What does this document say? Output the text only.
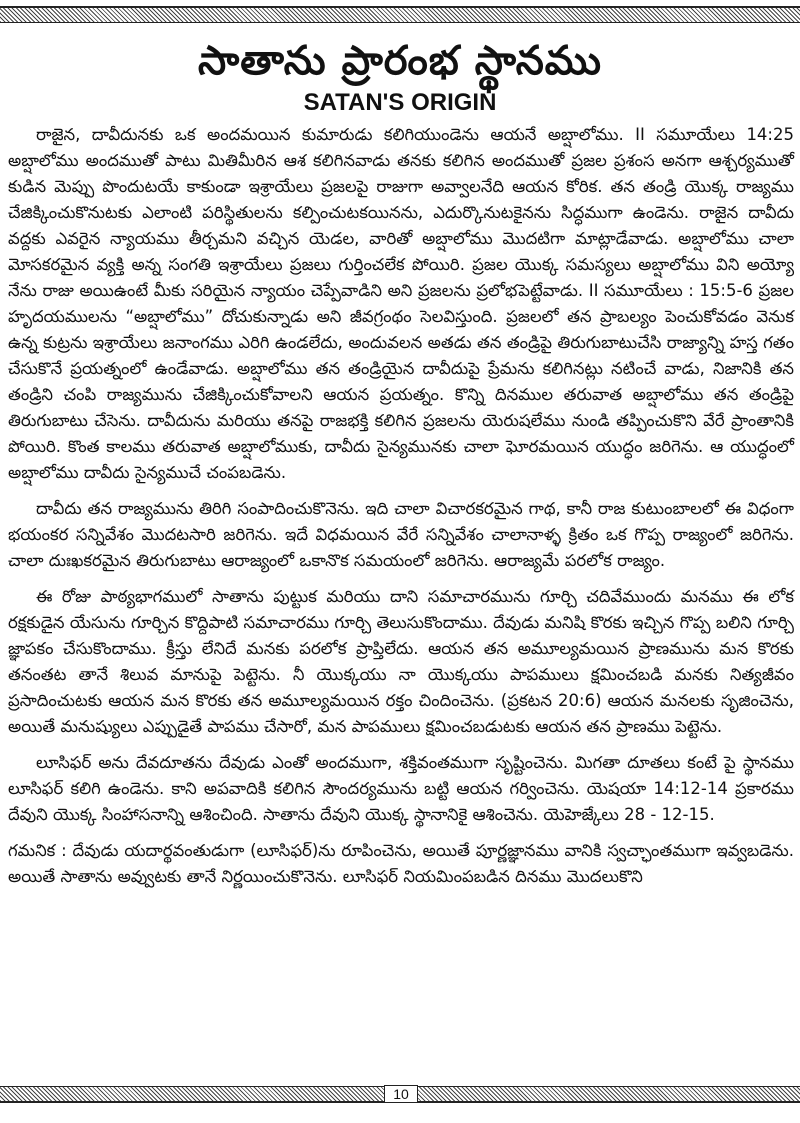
సాతాను ప్రారంభ స్థానము
SATAN'S ORIGIN

రాజైన, దావీదునకు ఒక అందమయిన కుమారుడు కలిగియుండెను ఆయనే అబ్షాలోము. II సమూయేలు 14:25 అబ్షాలోము అందముతో పాటు మితిమీరిన ఆశ కలిగినవాడు తనకు కలిగిన అందముతో ప్రజల ప్రశంస అనగా ఆశ్చర్యముతో కుడిన మెప్పు పొందుటయే కాకుండా ఇశ్రాయేలు ప్రజలపై రాజుగా అవ్వాలనేది ఆయన కోరిక. తన తండ్రి యొక్క రాజ్యము చేజిక్కించుకొనుటకు ఎలాంటి పరిస్థితులను కల్పించుటకయినను, ఎదుర్కొనుటకైనను సిద్ధముగా ఉండెను. రాజైన దావీదు వద్దకు ఎవరైన న్యాయము తీర్చమని వచ్చిన యెడల, వారితో అబ్షాలోము మొదటిగా మాట్లాడేవాడు. అబ్షాలోము చాలా మోసకరమైన వ్యక్తి అన్న సంగతి ఇశ్రాయేలు ప్రజలు గుర్తించలేక పోయిరి. ప్రజల యొక్క సమస్యలు అబ్షాలోము విని అయ్యో నేను రాజు అయిఉంటే మీకు సరియైన న్యాయం చెప్పేవాడిని అని ప్రజలను ప్రలోభపెట్టేవాడు. II సమూయేలు : 15:5-6 ప్రజల హృదయములను “అబ్షాలోము” దోచుకున్నాడు అని జీవగ్రంథం సెలవిస్తుంది. ప్రజలలో తన ప్రాబల్యం పెంచుకోవడం వెనుక ఉన్న కుట్రను ఇశ్రాయేలు జనాంగము ఎరిగి ఉండలేదు, అందువలన అతడు తన తండ్రిపై తిరుగుబాటుచేసి రాజ్యాన్ని హస్త గతం చేసుకొనే ప్రయత్నంలో ఉండేవాడు. అబ్షాలోము తన తండ్రియైన దావీదుపై ప్రేమను కలిగినట్లు నటించే వాడు, నిజానికి తన తండ్రిని చంపి రాజ్యమును చేజిక్కించుకోవాలని ఆయన ప్రయత్నం. కొన్ని దినముల తరువాత అబ్షాలోము తన తండ్రిపై తిరుగుబాటు చేసెను. దావీదును మరియు తనపై రాజభక్తి కలిగిన ప్రజలను యెరుషలేము నుండి తప్పించుకొని వేరే ప్రాంతానికి పోయిరి. కొంత కాలము తరువాత అబ్షాలోముకు, దావీదు సైన్యమునకు చాలా ఘోరమయిన యుద్ధం జరిగెను. ఆ యుద్ధంలో అబ్షాలోము దావీదు సైన్యముచే చంపబడెను.

దావీదు తన రాజ్యమును తిరిగి సంపాదించుకొనెను. ఇది చాలా విచారకరమైన గాథ, కానీ రాజ కుటుంబాలలో ఈ విధంగా భయంకర సన్నివేశం మొదటసారి జరిగెను. ఇదే విధమయిన వేరే సన్నివేశం చాలానాళ్ళ క్రితం ఒక గొప్ప రాజ్యంలో జరిగెను. చాలా దుఃఖకరమైన తిరుగుబాటు ఆరాజ్యంలో ఒకానొక సమయంలో జరిగెను. ఆరాజ్యమే పరలోక రాజ్యం.

ఈ రోజు పాఠ్యభాగములో సాతాను పుట్టుక మరియు దాని సమాచారమును గూర్చి చదివేముందు మనము ఈ లోక రక్షకుడైన యేసును గూర్చిన కొద్దిపాటి సమాచారము గూర్చి తెలుసుకొందాము. దేవుడు మనిషి కొరకు ఇచ్చిన గొప్ప బలిని గూర్చి జ్ఞాపకం చేసుకొందాము. క్రీస్తు లేనిదే మనకు పరలోక ప్రాప్తిలేదు. ఆయన తన అమూల్యమయిన ప్రాణమును మన కొరకు తనంతట తానే శిలువ మానుపై పెట్టెను. నీ యొక్కయు నా యొక్కయు పాపములు క్షమించబడి మనకు నిత్యజీవం ప్రసాదించుటకు ఆయన మన కొరకు తన అమూల్యమయిన రక్తం చిందించెను. (ప్రకటన 20:6) ఆయన మనలకు సృజించెను, అయితే మనుష్యులు ఎప్పుడైతే పాపము చేసారో, మన పాపములు క్షమించబడుటకు ఆయన తన ప్రాణము పెట్టెను.

లూసిఫర్ అను దేవదూతను దేవుడు ఎంతో అందముగా, శక్తివంతముగా సృష్టించెను. మిగతా దూతలు కంటే పై స్థానము లూసిఫర్ కలిగి ఉండెను. కాని అపవాదికి కలిగిన సౌందర్యమును బట్టి ఆయన గర్వించెను. యెషయా 14:12-14 ప్రకారము దేవుని యొక్క సింహాసనాన్ని ఆశించింది. సాతాను దేవుని యొక్క స్థానానికై ఆశించెను. యెహెజ్కేలు 28 - 12-15.

గమనిక : దేవుడు యదార్థవంతుడుగా (లూసిఫర్)ను రూపించెను, అయితే పూర్ణజ్ఞానము వానికి స్వచ్ఛాంతముగా ఇవ్వబడెను. అయితే సాతాను అవ్వుటకు తానే నిర్ణయించుకొనెను. లూసిఫర్ నియమింపబడిన దినము మొదలుకొని

10
